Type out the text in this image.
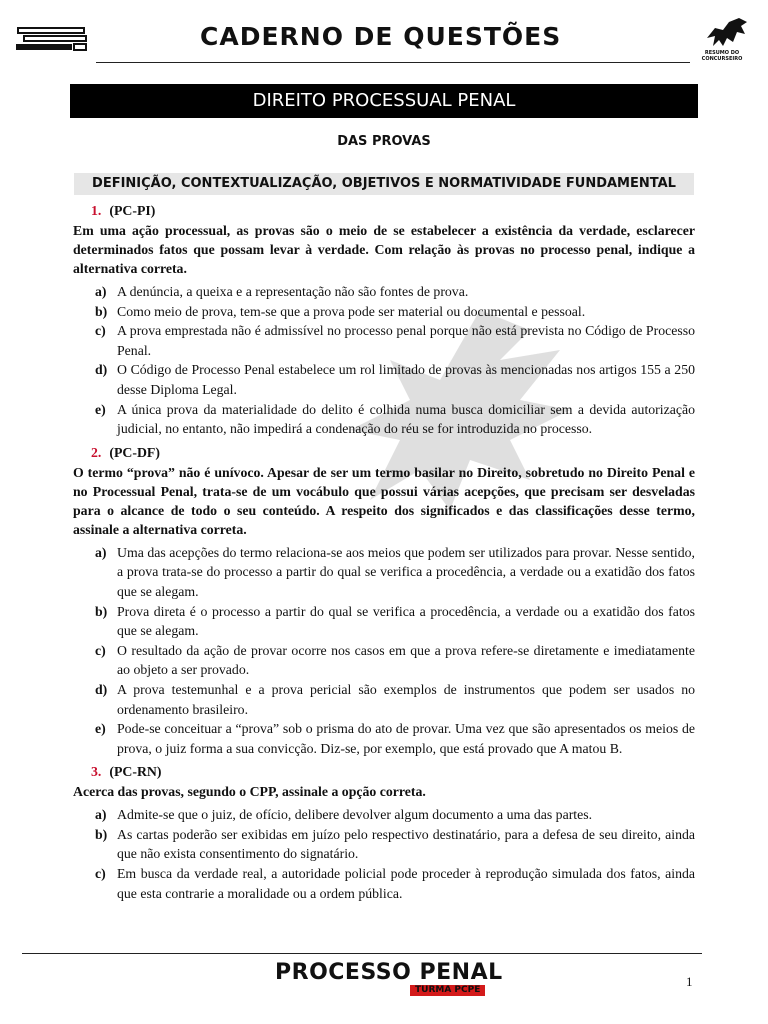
CADERNO DE QUESTÕES
RESUMO DO CONCURSEIRO
DIREITO PROCESSUAL PENAL
DAS PROVAS
DEFINIÇÃO, CONTEXTUALIZAÇÃO, OBJETIVOS E NORMATIVIDADE FUNDAMENTAL
1. (PC-PI)
Em uma ação processual, as provas são o meio de se estabelecer a existência da verdade, esclarecer determinados fatos que possam levar à verdade. Com relação às provas no processo penal, indique a alternativa correta.
a) A denúncia, a queixa e a representação não são fontes de prova.
b) Como meio de prova, tem-se que a prova pode ser material ou documental e pessoal.
c) A prova emprestada não é admissível no processo penal porque não está prevista no Código de Processo Penal.
d) O Código de Processo Penal estabelece um rol limitado de provas às mencionadas nos artigos 155 a 250 desse Diploma Legal.
e) A única prova da materialidade do delito é colhida numa busca domiciliar sem a devida autorização judicial, no entanto, não impedirá a condenação do réu se for introduzida no processo.
2. (PC-DF)
O termo “prova” não é unívoco. Apesar de ser um termo basilar no Direito, sobretudo no Direito Penal e no Processual Penal, trata-se de um vocábulo que possui várias acepções, que precisam ser desveladas para o alcance de todo o seu conteúdo. A respeito dos significados e das classificações desse termo, assinale a alternativa correta.
a) Uma das acepções do termo relaciona-se aos meios que podem ser utilizados para provar. Nesse sentido, a prova trata-se do processo a partir do qual se verifica a procedência, a verdade ou a exatidão dos fatos que se alegam.
b) Prova direta é o processo a partir do qual se verifica a procedência, a verdade ou a exatidão dos fatos que se alegam.
c) O resultado da ação de provar ocorre nos casos em que a prova refere-se diretamente e imediatamente ao objeto a ser provado.
d) A prova testemunhal e a prova pericial são exemplos de instrumentos que podem ser usados no ordenamento brasileiro.
e) Pode-se conceituar a “prova” sob o prisma do ato de provar. Uma vez que são apresentados os meios de prova, o juiz forma a sua convicção. Diz-se, por exemplo, que está provado que A matou B.
3. (PC-RN)
Acerca das provas, segundo o CPP, assinale a opção correta.
a) Admite-se que o juiz, de ofício, delibere devolver algum documento a uma das partes.
b) As cartas poderão ser exibidas em juízo pelo respectivo destinatário, para a defesa de seu direito, ainda que não exista consentimento do signatário.
c) Em busca da verdade real, a autoridade policial pode proceder à reprodução simulada dos fatos, ainda que esta contrarie a moralidade ou a ordem pública.
PROCESSO PENAL
TURMA PCPE
1
